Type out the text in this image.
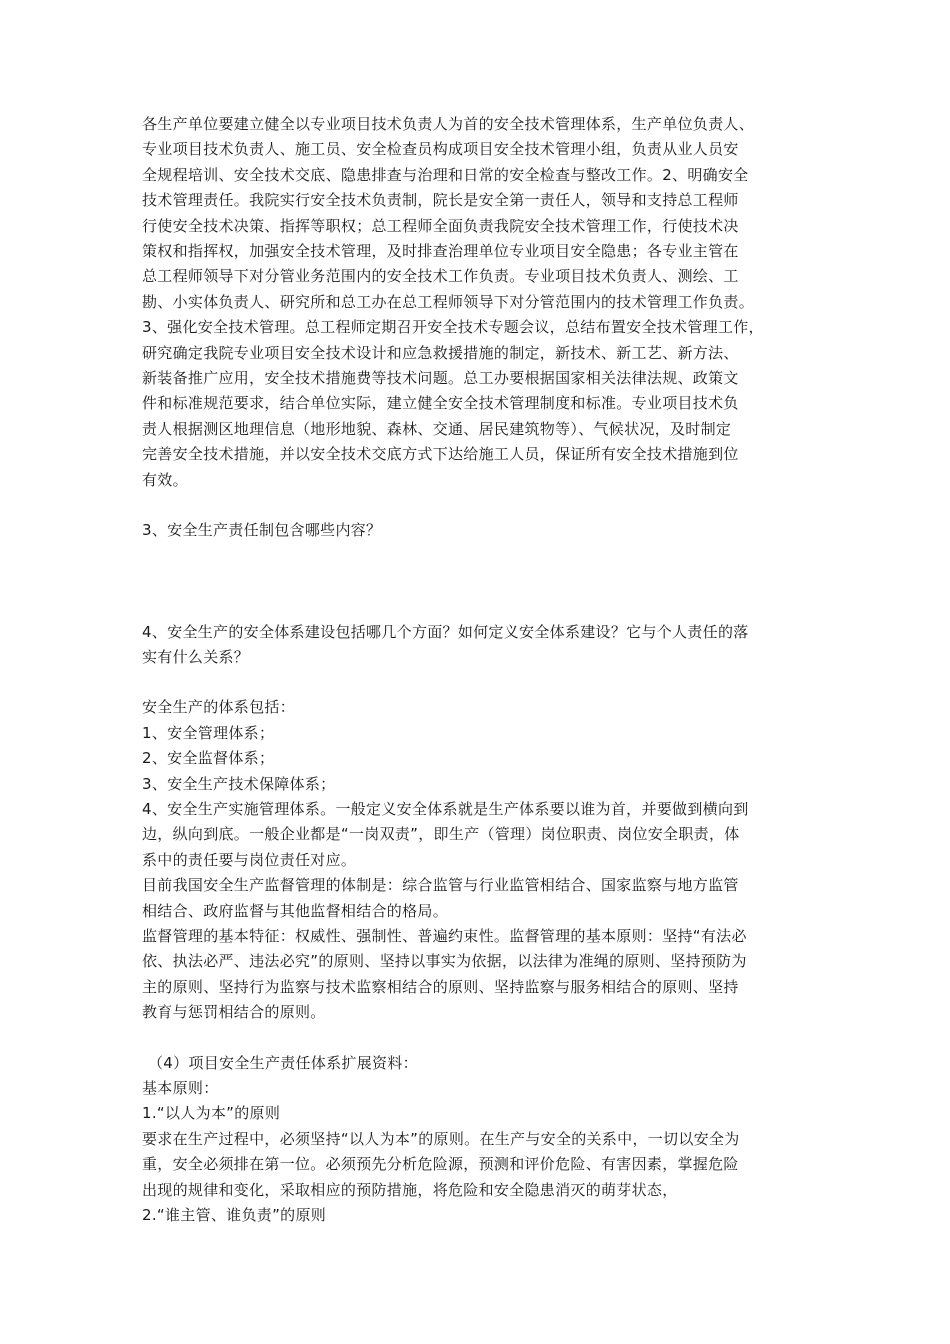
各生产单位要建立健全以专业项目技术负责人为首的安全技术管理体系，生产单位负责人、
专业项目技术负责人、施工员、安全检查员构成项目安全技术管理小组，负责从业人员安
全规程培训、安全技术交底、隐患排查与治理和日常的安全检查与整改工作。2、明确安全
技术管理责任。我院实行安全技术负责制，院长是安全第一责任人，领导和支持总工程师
行使安全技术决策、指挥等职权；总工程师全面负责我院安全技术管理工作，行使技术决
策权和指挥权，加强安全技术管理，及时排查治理单位专业项目安全隐患；各专业主管在
总工程师领导下对分管业务范围内的安全技术工作负责。专业项目技术负责人、测绘、工
勘、小实体负责人、研究所和总工办在总工程师领导下对分管范围内的技术管理工作负责。
3、强化安全技术管理。总工程师定期召开安全技术专题会议，总结布置安全技术管理工作，
研究确定我院专业项目安全技术设计和应急救援措施的制定，新技术、新工艺、新方法、
新装备推广应用，安全技术措施费等技术问题。总工办要根据国家相关法律法规、政策文
件和标准规范要求，结合单位实际，建立健全安全技术管理制度和标准。专业项目技术负
责人根据测区地理信息（地形地貌、森林、交通、居民建筑物等）、气候状况，及时制定
完善安全技术措施，并以安全技术交底方式下达给施工人员，保证所有安全技术措施到位
有效。
3、安全生产责任制包含哪些内容？
4、安全生产的安全体系建设包括哪几个方面？如何定义安全体系建设？它与个人责任的落
实有什么关系？
安全生产的体系包括：
1、安全管理体系；
2、安全监督体系；
3、安全生产技术保障体系；
4、安全生产实施管理体系。一般定义安全体系就是生产体系要以谁为首，并要做到横向到
边，纵向到底。一般企业都是“一岗双责”，即生产（管理）岗位职责、岗位安全职责，体
系中的责任要与岗位责任对应。
目前我国安全生产监督管理的体制是：综合监管与行业监管相结合、国家监察与地方监管
相结合、政府监督与其他监督相结合的格局。
监督管理的基本特征：权威性、强制性、普遍约束性。监督管理的基本原则：坚持“有法必
依、执法必严、违法必究”的原则、坚持以事实为依据，以法律为准绳的原则、坚持预防为
主的原则、坚持行为监察与技术监察相结合的原则、坚持监察与服务相结合的原则、坚持
教育与惩罚相结合的原则。
（4）项目安全生产责任体系扩展资料：
基本原则：
1.“以人为本”的原则
要求在生产过程中，必须坚持“以人为本”的原则。在生产与安全的关系中，一切以安全为
重，安全必须排在第一位。必须预先分析危险源，预测和评价危险、有害因素，掌握危险
出现的规律和变化，采取相应的预防措施，将危险和安全隐患消灭的萌芽状态，
2.“谁主管、谁负责”的原则
